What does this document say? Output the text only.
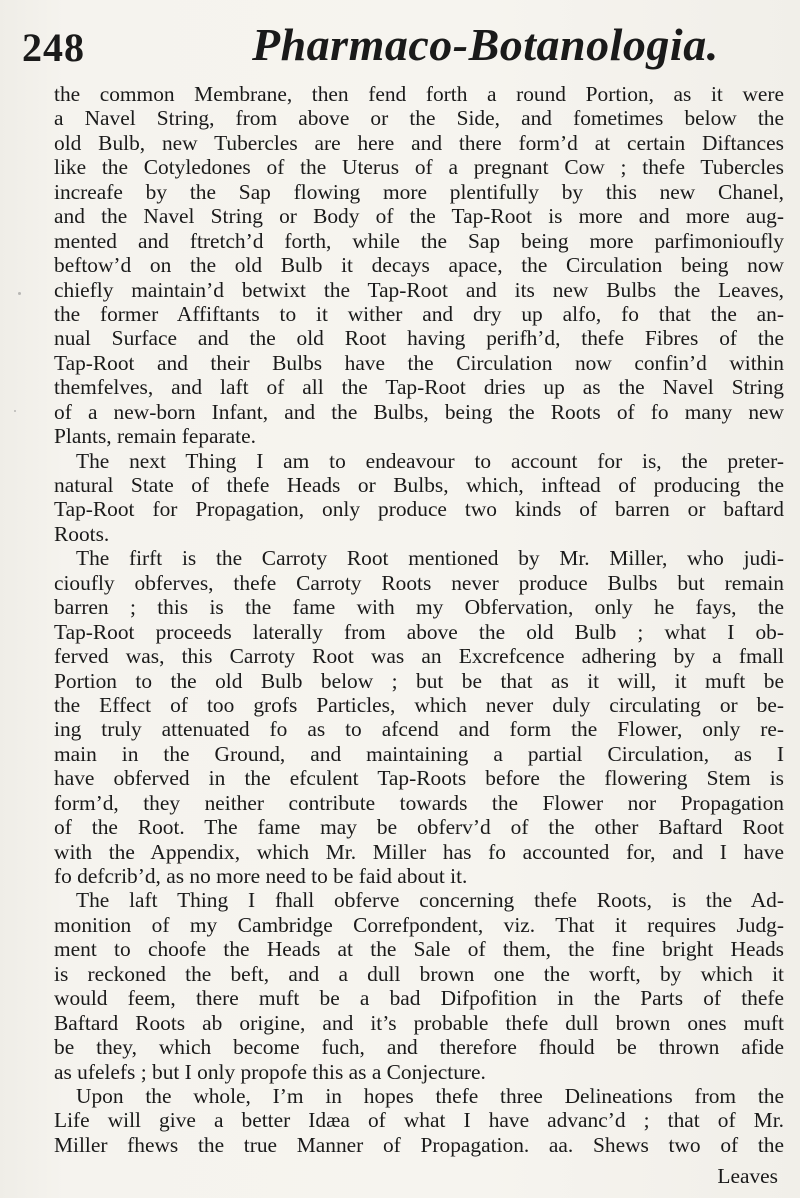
248	Pharmaco-Botanologia.
the common Membrane, then fend forth a round Portion, as it were
a Navel String, from above or the Side, and fometimes below the
old Bulb, new Tubercles are here and there form’d at certain Diftances
like the Cotyledones of the Uterus of a pregnant Cow ; thefe Tubercles
increafe by the Sap flowing more plentifully by this new Chanel,
and the Navel String or Body of the Tap-Root is more and more aug-
mented and ftretch’d forth, while the Sap being more parfimonioufly
beftow’d on the old Bulb it decays apace, the Circulation being now
chiefly maintain’d betwixt the Tap-Root and its new Bulbs the Leaves,
the former Affiftants to it wither and dry up alfo, fo that the an-
nual Surface and the old Root having perifh’d, thefe Fibres of the
Tap-Root and their Bulbs have the Circulation now confin’d within
themfelves, and laft of all the Tap-Root dries up as the Navel String
of a new-born Infant, and the Bulbs, being the Roots of fo many new
Plants, remain feparate.
The next Thing I am to endeavour to account for is, the preter-
natural State of thefe Heads or Bulbs, which, inftead of producing the
Tap-Root for Propagation, only produce two kinds of barren or baftard
Roots.
The firft is the Carroty Root mentioned by Mr. Miller, who judi-
cioufly obferves, thefe Carroty Roots never produce Bulbs but remain
barren ; this is the fame with my Obfervation, only he fays, the
Tap-Root proceeds laterally from above the old Bulb ; what I ob-
ferved was, this Carroty Root was an Excrefcence adhering by a fmall
Portion to the old Bulb below ; but be that as it will, it muft be
the Effect of too grofs Particles, which never duly circulating or be-
ing truly attenuated fo as to afcend and form the Flower, only re-
main in the Ground, and maintaining a partial Circulation, as I
have obferved in the efculent Tap-Roots before the flowering Stem is
form’d, they neither contribute towards the Flower nor Propagation
of the Root. The fame may be obferv’d of the other Baftard Root
with the Appendix, which Mr. Miller has fo accounted for, and I have
fo defcrib’d, as no more need to be faid about it.
The laft Thing I fhall obferve concerning thefe Roots, is the Ad-
monition of my Cambridge Correfpondent, viz. That it requires Judg-
ment to choofe the Heads at the Sale of them, the fine bright Heads
is reckoned the beft, and a dull brown one the worft, by which it
would feem, there muft be a bad Difpofition in the Parts of thefe
Baftard Roots ab origine, and it’s probable thefe dull brown ones muft
be they, which become fuch, and therefore fhould be thrown afide
as ufelefs ; but I only propofe this as a Conjecture.
Upon the whole, I’m in hopes thefe three Delineations from the
Life will give a better Idæa of what I have advanc’d ; that of Mr.
Miller fhews the true Manner of Propagation. aa. Shews two of the
Leaves
